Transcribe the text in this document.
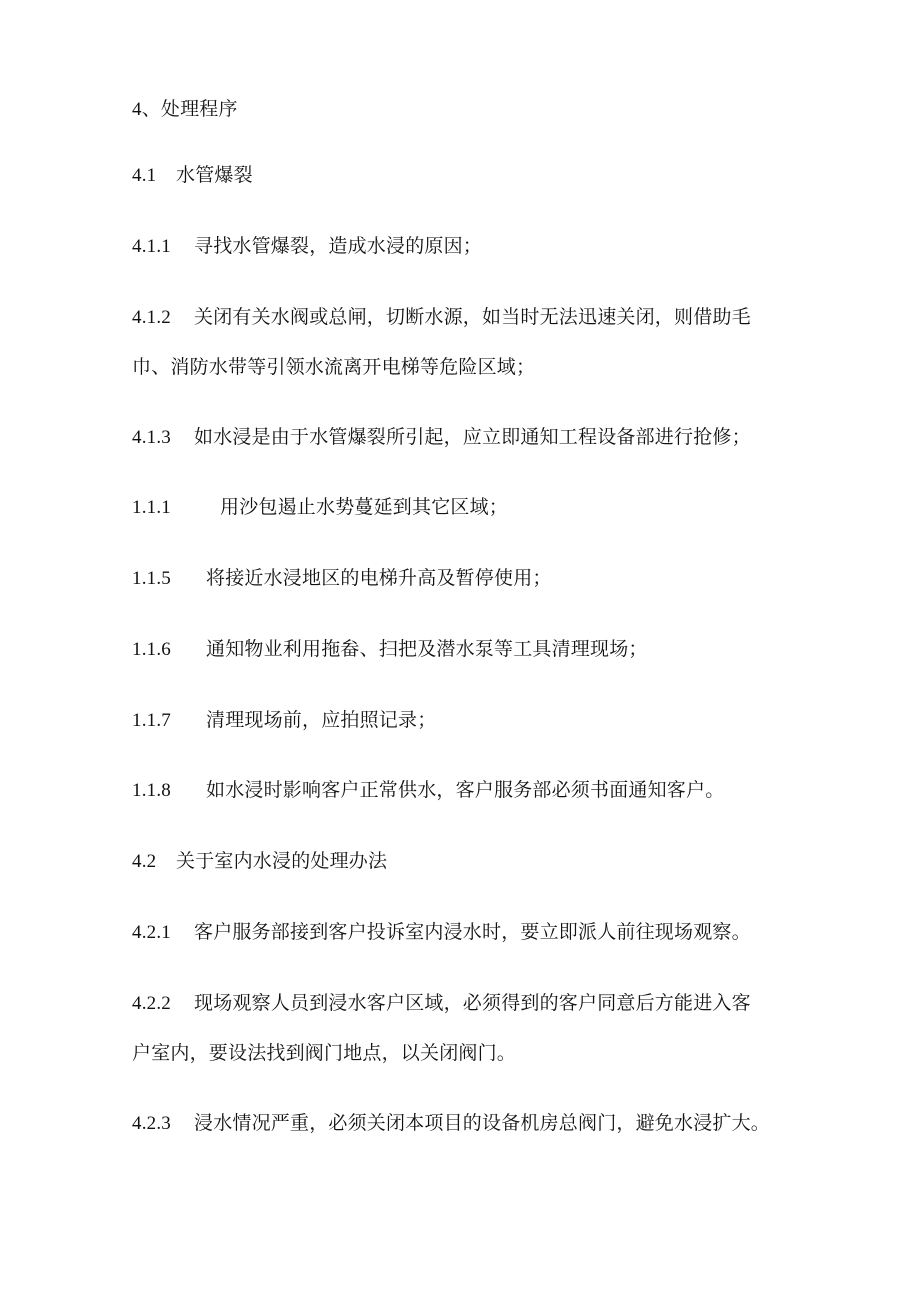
4、处理程序
4.1 水管爆裂
4.1.1 寻找水管爆裂，造成水浸的原因；
4.1.2 关闭有关水阀或总闸，切断水源，如当时无法迅速关闭，则借助毛
巾、消防水带等引领水流离开电梯等危险区域；
4.1.3 如水浸是由于水管爆裂所引起，应立即通知工程设备部进行抢修；
1.1.1	用沙包遏止水势蔓延到其它区域；
1.1.5 将接近水浸地区的电梯升高及暂停使用；
1.1.6 通知物业利用拖畚、扫把及潜水泵等工具清理现场；
1.1.7 清理现场前，应拍照记录；
1.1.8 如水浸时影响客户正常供水，客户服务部必须书面通知客户。
4.2 关于室内水浸的处理办法
4.2.1 客户服务部接到客户投诉室内浸水时，要立即派人前往现场观察。
4.2.2 现场观察人员到浸水客户区域，必须得到的客户同意后方能进入客
户室内，要设法找到阀门地点，以关闭阀门。
4.2.3 浸水情况严重，必须关闭本项目的设备机房总阀门，避免水浸扩大。
